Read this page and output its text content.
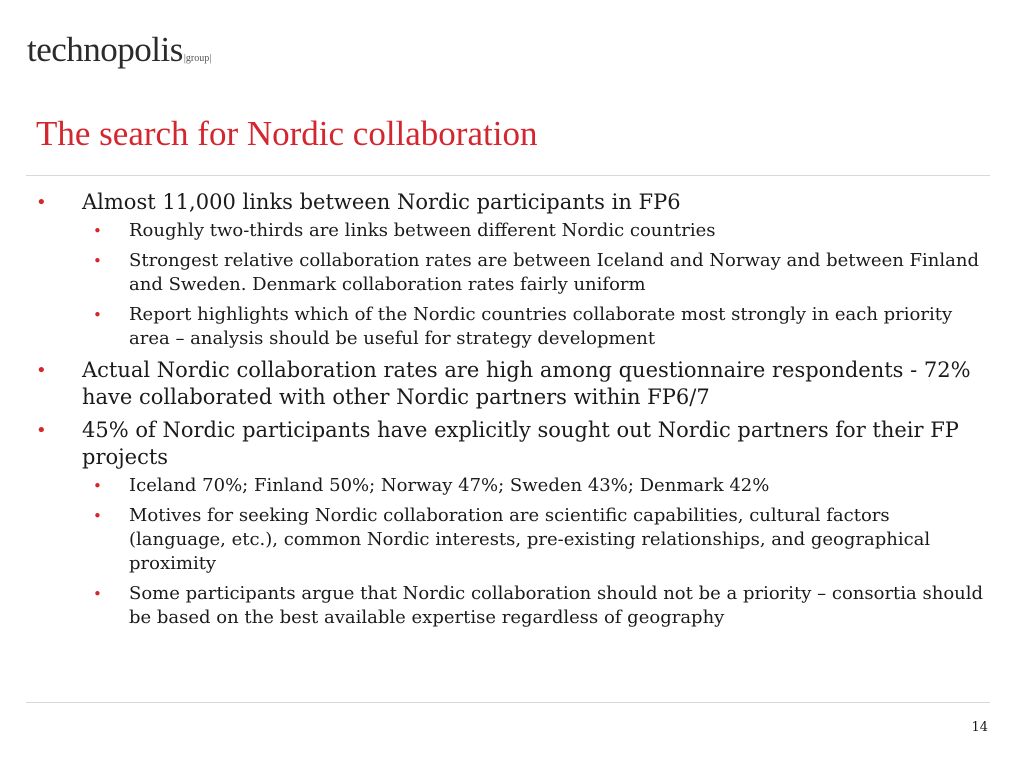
technopolis|group|
The search for Nordic collaboration
• Almost 11,000 links between Nordic participants in FP6
• Roughly two-thirds are links between different Nordic countries
• Strongest relative collaboration rates are between Iceland and Norway and between Finland and Sweden. Denmark collaboration rates fairly uniform
• Report highlights which of the Nordic countries collaborate most strongly in each priority area – analysis should be useful for strategy development
• Actual Nordic collaboration rates are high among questionnaire respondents - 72% have collaborated with other Nordic partners within FP6/7
• 45% of Nordic participants have explicitly sought out Nordic partners for their FP projects
• Iceland 70%; Finland 50%; Norway 47%; Sweden 43%; Denmark 42%
• Motives for seeking Nordic collaboration are scientific capabilities, cultural factors (language, etc.), common Nordic interests, pre-existing relationships, and geographical proximity
• Some participants argue that Nordic collaboration should not be a priority – consortia should be based on the best available expertise regardless of geography
14
